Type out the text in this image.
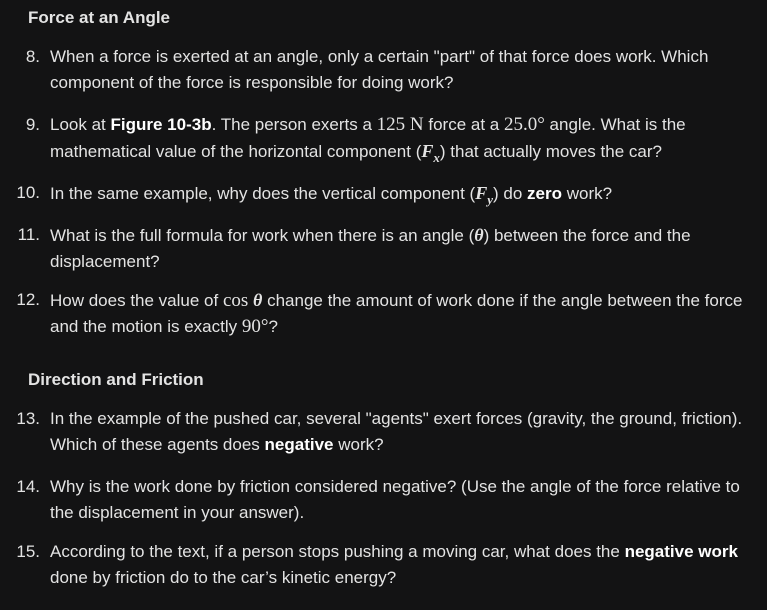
Force at an Angle
8. When a force is exerted at an angle, only a certain "part" of that force does work. Which component of the force is responsible for doing work?
9. Look at Figure 10-3b. The person exerts a 125 N force at a 25.0° angle. What is the mathematical value of the horizontal component $(F_x)$ that actually moves the car?
10. In the same example, why does the vertical component $(F_y)$ do zero work?
11. What is the full formula for work when there is an angle (θ) between the force and the displacement?
12. How does the value of cos θ change the amount of work done if the angle between the force and the motion is exactly 90°?
Direction and Friction
13. In the example of the pushed car, several "agents" exert forces (gravity, the ground, friction). Which of these agents does negative work?
14. Why is the work done by friction considered negative? (Use the angle of the force relative to the displacement in your answer).
15. According to the text, if a person stops pushing a moving car, what does the negative work done by friction do to the car’s kinetic energy?
